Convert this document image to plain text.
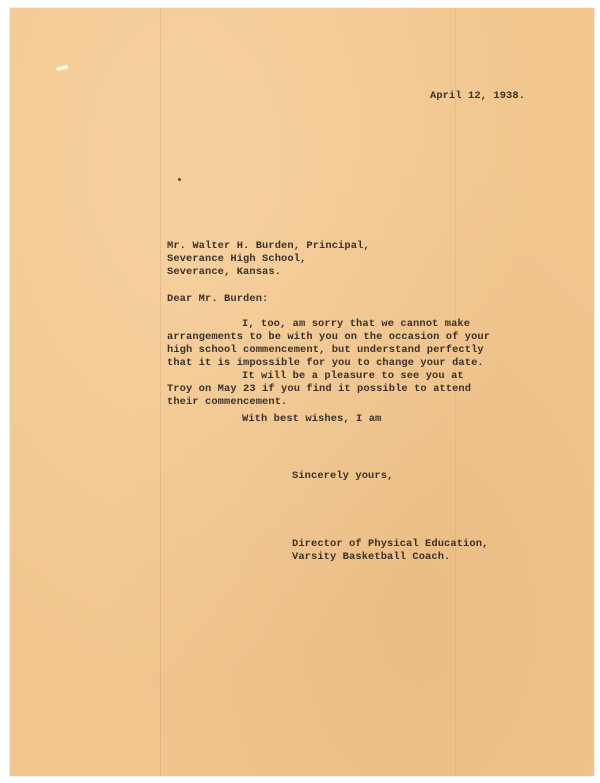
April 12, 1938.
Mr. Walter H. Burden, Principal,
Severance High School,
Severance, Kansas.
Dear Mr. Burden:
I, too, am sorry that we cannot make
arrangements to be with you on the occasion of your
high school commencement, but understand perfectly
that it is impossible for you to change your date.
It will be a pleasure to see you at
Troy on May 23 if you find it possible to attend
their commencement.
With best wishes, I am
Sincerely yours,
Director of Physical Education,
Varsity Basketball Coach.
